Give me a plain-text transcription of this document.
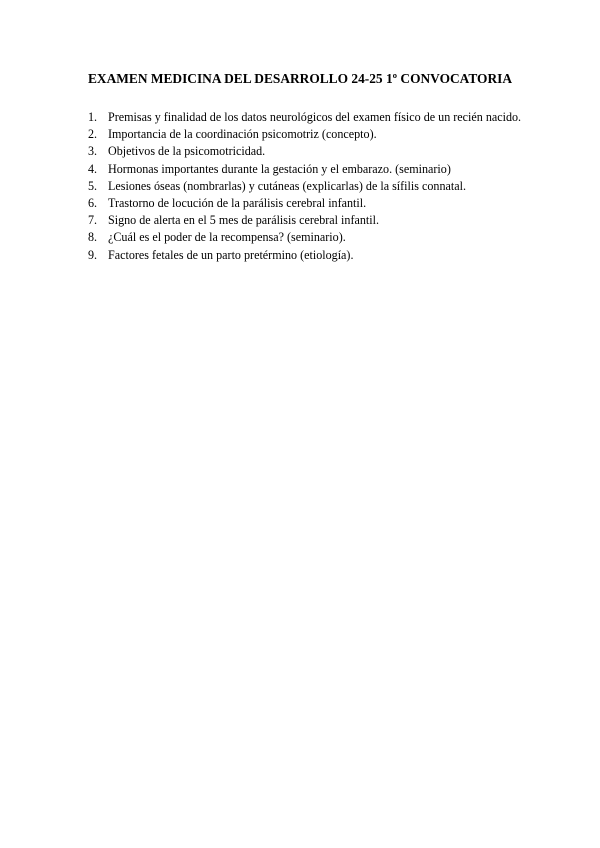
EXAMEN MEDICINA DEL DESARROLLO 24-25 1º CONVOCATORIA
1. Premisas y finalidad de los datos neurológicos del examen físico de un recién nacido.
2. Importancia de la coordinación psicomotriz (concepto).
3. Objetivos de la psicomotricidad.
4. Hormonas importantes durante la gestación y el embarazo. (seminario)
5. Lesiones óseas (nombrarlas) y cutáneas (explicarlas) de la sífilis connatal.
6. Trastorno de locución de la parálisis cerebral infantil.
7. Signo de alerta en el 5 mes de parálisis cerebral infantil.
8. ¿Cuál es el poder de la recompensa? (seminario).
9. Factores fetales de un parto pretérmino (etiología).
